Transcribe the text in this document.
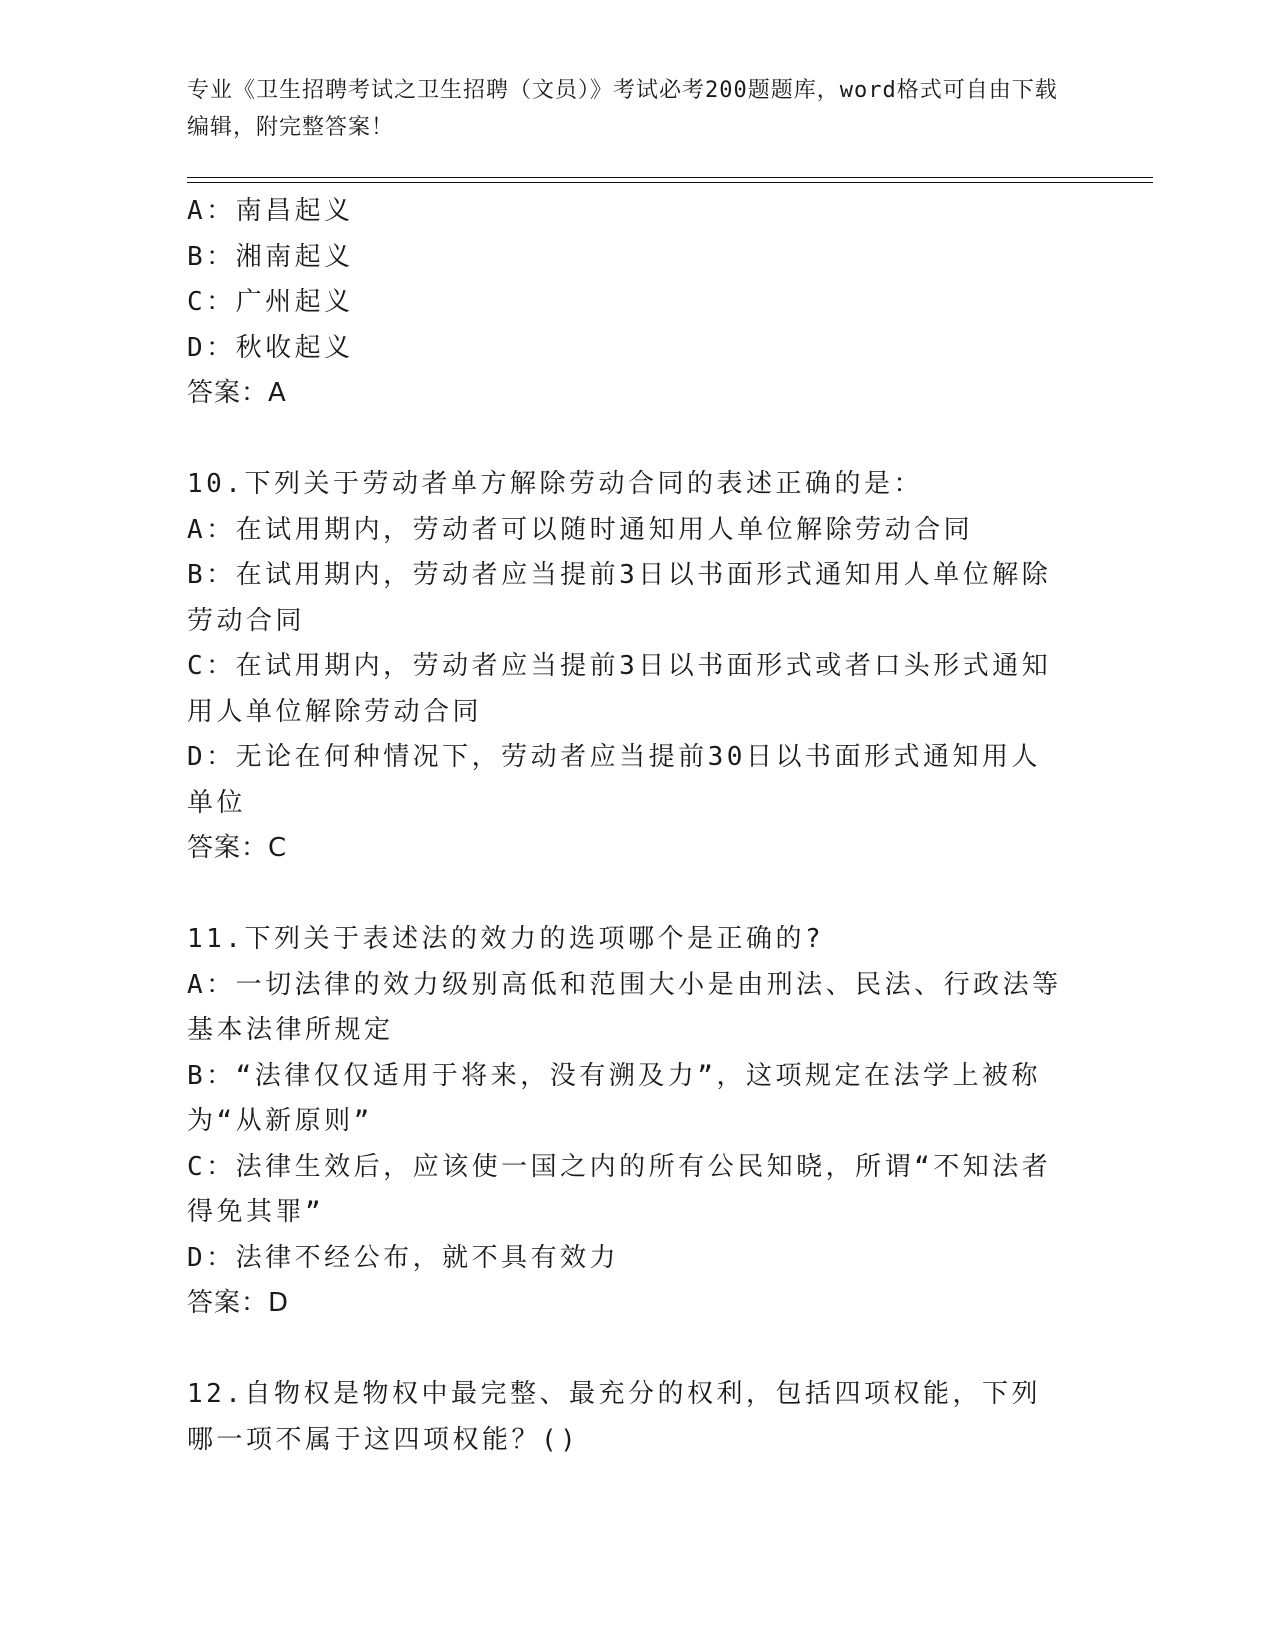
专业《卫生招聘考试之卫生招聘（文员）》考试必考200题题库，word格式可自由下载编辑，附完整答案！

A：南昌起义

B：湘南起义

C：广州起义

D：秋收起义

答案：A

10.下列关于劳动者单方解除劳动合同的表述正确的是：

A：在试用期内，劳动者可以随时通知用人单位解除劳动合同

B：在试用期内，劳动者应当提前3日以书面形式通知用人单位解除劳动合同

C：在试用期内，劳动者应当提前3日以书面形式或者口头形式通知用人单位解除劳动合同

D：无论在何种情况下，劳动者应当提前30日以书面形式通知用人单位

答案：C

11.下列关于表述法的效力的选项哪个是正确的?

A：一切法律的效力级别高低和范围大小是由刑法、民法、行政法等基本法律所规定

B：“法律仅仅适用于将来，没有溯及力”，这项规定在法学上被称为“从新原则”

C：法律生效后，应该使一国之内的所有公民知晓，所谓“不知法者得免其罪”

D：法律不经公布，就不具有效力

答案：D

12.自物权是物权中最完整、最充分的权利，包括四项权能，下列哪一项不属于这四项权能？()
